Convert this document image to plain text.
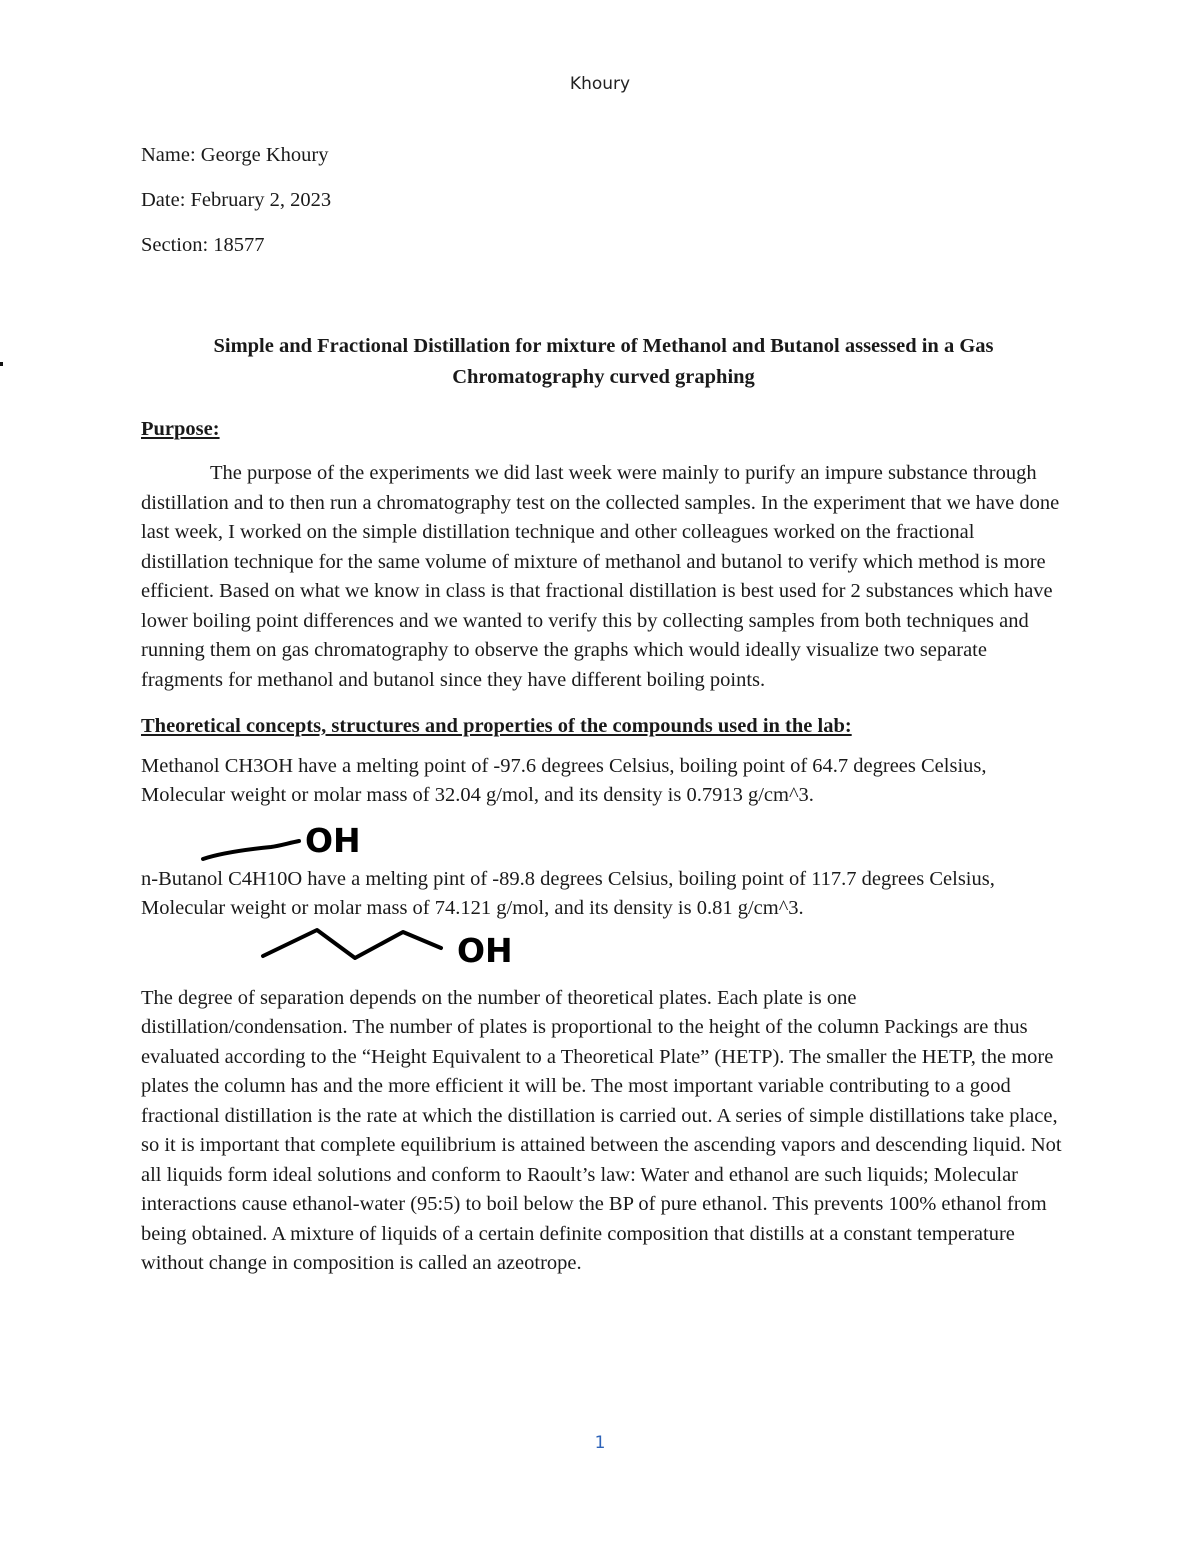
Khoury

Name: George Khoury

Date: February 2, 2023

Section: 18577

Simple and Fractional Distillation for mixture of Methanol and Butanol assessed in a Gas
Chromatography curved graphing
Purpose:

The purpose of the experiments we did last week were mainly to purify an impure substance through distillation and to then run a chromatography test on the collected samples. In the experiment that we have done last week, I worked on the simple distillation technique and other colleagues worked on the fractional distillation technique for the same volume of mixture of methanol and butanol to verify which method is more efficient. Based on what we know in class is that fractional distillation is best used for 2 substances which have lower boiling point differences and we wanted to verify this by collecting samples from both techniques and running them on gas chromatography to observe the graphs which would ideally visualize two separate fragments for methanol and butanol since they have different boiling points.

Theoretical concepts, structures and properties of the compounds used in the lab:

Methanol CH3OH have a melting point of -97.6 degrees Celsius, boiling point of 64.7 degrees Celsius, Molecular weight or molar mass of 32.04 g/mol, and its density is 0.7913 g/cm^3.

OH

n-Butanol C4H10O have a melting pint of -89.8 degrees Celsius, boiling point of 117.7 degrees Celsius, Molecular weight or molar mass of 74.121 g/mol, and its density is 0.81 g/cm^3.

OH

The degree of separation depends on the number of theoretical plates. Each plate is one distillation/condensation. The number of plates is proportional to the height of the column Packings are thus evaluated according to the “Height Equivalent to a Theoretical Plate” (HETP). The smaller the HETP, the more plates the column has and the more efficient it will be. The most important variable contributing to a good fractional distillation is the rate at which the distillation is carried out. A series of simple distillations take place, so it is important that complete equilibrium is attained between the ascending vapors and descending liquid. Not all liquids form ideal solutions and conform to Raoult’s law: Water and ethanol are such liquids; Molecular interactions cause ethanol-water (95:5) to boil below the BP of pure ethanol. This prevents 100% ethanol from being obtained. A mixture of liquids of a certain definite composition that distills at a constant temperature without change in composition is called an azeotrope.

1
